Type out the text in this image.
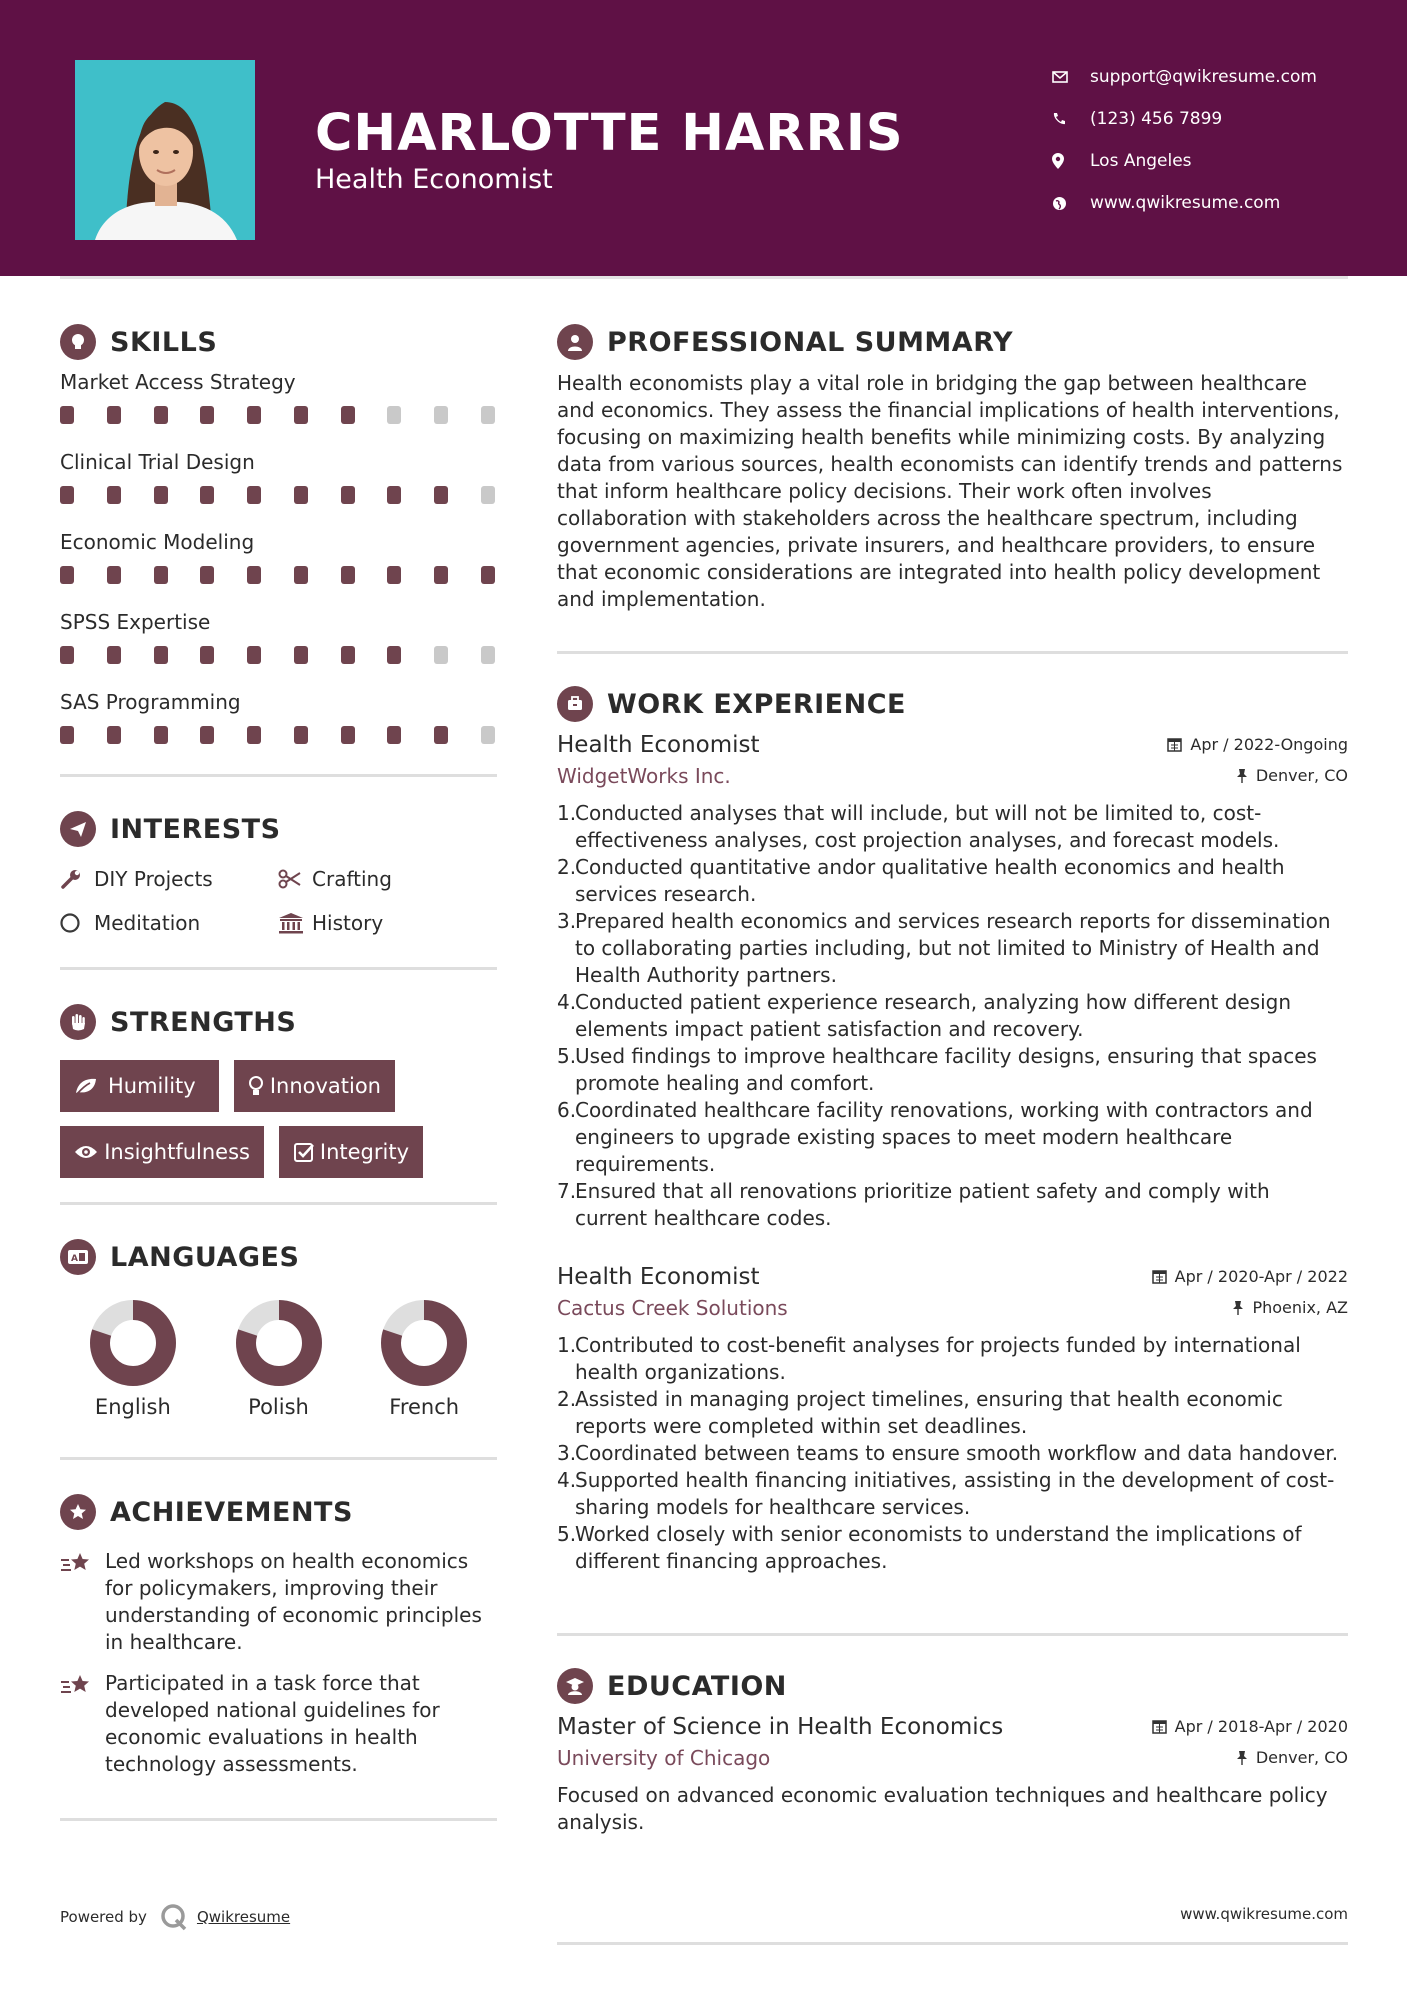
CHARLOTTE HARRIS
Health Economist
support@qwikresume.com
(123) 456 7899
Los Angeles
www.qwikresume.com
SKILLS
Market Access Strategy
Clinical Trial Design
Economic Modeling
SPSS Expertise
SAS Programming
INTERESTS
DIY Projects	Crafting
Meditation	History
STRENGTHS
Humility	Innovation
Insightfulness	Integrity
A LANGUAGES
English	Polish	French
ACHIEVEMENTS
Led workshops on health economics for policymakers, improving their understanding of economic principles in healthcare.
Participated in a task force that developed national guidelines for economic evaluations in health technology assessments.
PROFESSIONAL SUMMARY
Health economists play a vital role in bridging the gap between healthcare and economics. They assess the financial implications of health interventions, focusing on maximizing health benefits while minimizing costs. By analyzing data from various sources, health economists can identify trends and patterns that inform healthcare policy decisions. Their work often involves collaboration with stakeholders across the healthcare spectrum, including government agencies, private insurers, and healthcare providers, to ensure that economic considerations are integrated into health policy development and implementation.
WORK EXPERIENCE
Health Economist	Apr / 2022-Ongoing
WidgetWorks Inc.	Denver, CO
1.
Conducted analyses that will include, but will not be limited to, cost-effectiveness analyses, cost projection analyses, and forecast models.
2.
Conducted quantitative andor qualitative health economics and health services research.
3.
Prepared health economics and services research reports for dissemination to collaborating parties including, but not limited to Ministry of Health and Health Authority partners.
4.
Conducted patient experience research, analyzing how different design elements impact patient satisfaction and recovery.
5.
Used findings to improve healthcare facility designs, ensuring that spaces promote healing and comfort.
6.
Coordinated healthcare facility renovations, working with contractors and engineers to upgrade existing spaces to meet modern healthcare requirements.
7.
Ensured that all renovations prioritize patient safety and comply with current healthcare codes.
Health Economist	Apr / 2020-Apr / 2022
Cactus Creek Solutions	Phoenix, AZ
1.
Contributed to cost-benefit analyses for projects funded by international health organizations.
2.
Assisted in managing project timelines, ensuring that health economic reports were completed within set deadlines.
3.
Coordinated between teams to ensure smooth workflow and data handover.
4.
Supported health financing initiatives, assisting in the development of cost-sharing models for healthcare services.
5.
Worked closely with senior economists to understand the implications of different financing approaches.
EDUCATION
Master of Science in Health Economics	Apr / 2018-Apr / 2020
University of Chicago	Denver, CO
Focused on advanced economic evaluation techniques and healthcare policy analysis.
Powered by	Qwikresume	www.qwikresume.com
